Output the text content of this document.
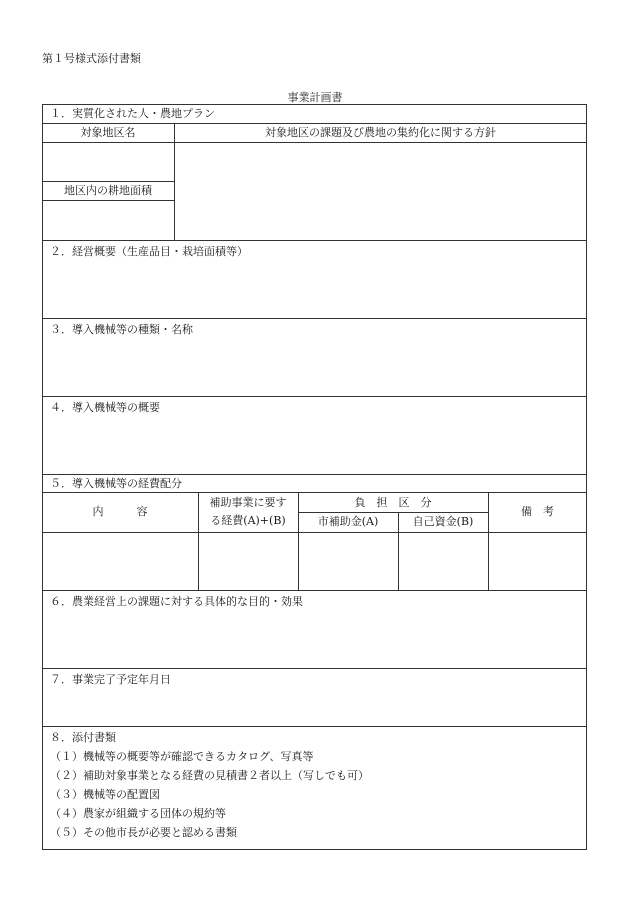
第１号様式添付書類
事業計画書
１．実質化された人・農地プラン
対象地区名	対象地区の課題及び農地の集約化に関する方針
地区内の耕地面積
２．経営概要（生産品目・栽培面積等）
３．導入機械等の種類・名称
４．導入機械等の概要
５．導入機械等の経費配分
内　　　容
補助事業に要す
る経費(A)+(B)
負　担　区　分
市補助金(A)	自己資金(B)
備　考
６．農業経営上の課題に対する具体的な目的・効果
７．事業完了予定年月日
８．添付書類
（１）機械等の概要等が確認できるカタログ、写真等
（２）補助対象事業となる経費の見積書２者以上（写しでも可）
（３）機械等の配置図
（４）農家が組織する団体の規約等
（５）その他市長が必要と認める書類
